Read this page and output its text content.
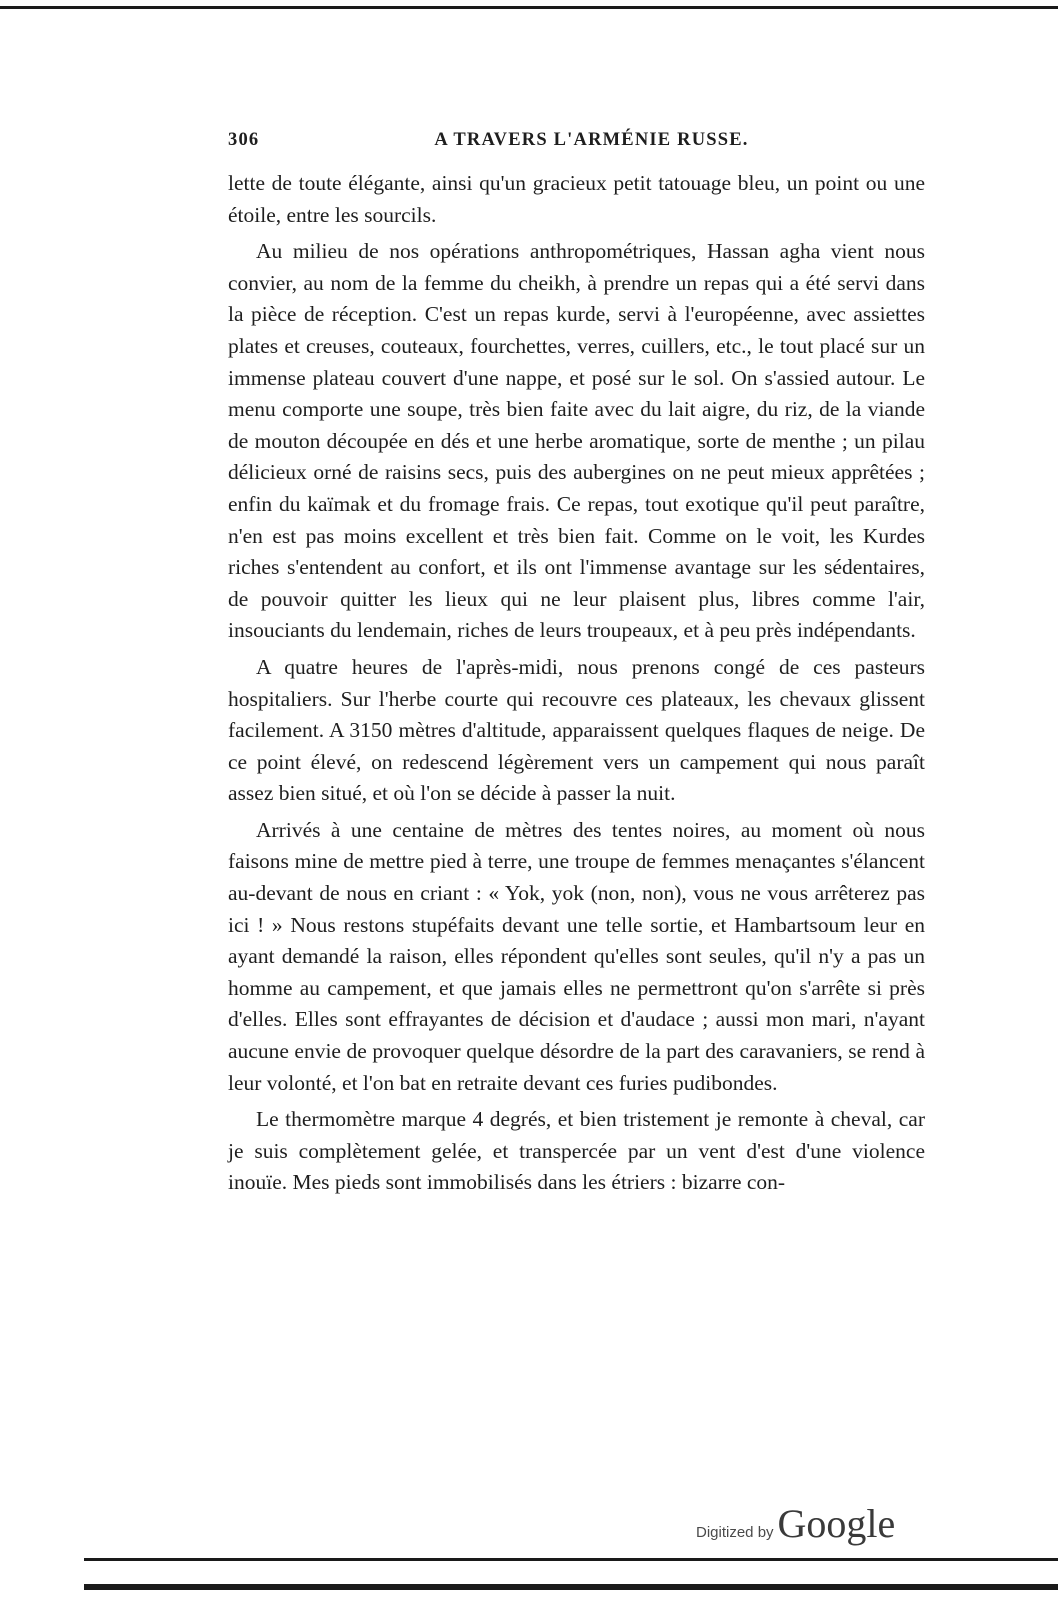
306	A TRAVERS L'ARMÉNIE RUSSE.

lette de toute élégante, ainsi qu'un gracieux petit tatouage bleu, un point ou une étoile, entre les sourcils.

Au milieu de nos opérations anthropométriques, Hassan agha vient nous convier, au nom de la femme du cheikh, à prendre un repas qui a été servi dans la pièce de réception. C'est un repas kurde, servi à l'européenne, avec assiettes plates et creuses, couteaux, fourchettes, verres, cuillers, etc., le tout placé sur un immense plateau couvert d'une nappe, et posé sur le sol. On s'assied autour. Le menu comporte une soupe, très bien faite avec du lait aigre, du riz, de la viande de mouton découpée en dés et une herbe aromatique, sorte de menthe ; un pilau délicieux orné de raisins secs, puis des aubergines on ne peut mieux apprêtées ; enfin du kaïmak et du fromage frais. Ce repas, tout exotique qu'il peut paraître, n'en est pas moins excellent et très bien fait. Comme on le voit, les Kurdes riches s'entendent au confort, et ils ont l'immense avantage sur les sédentaires, de pouvoir quitter les lieux qui ne leur plaisent plus, libres comme l'air, insouciants du lendemain, riches de leurs troupeaux, et à peu près indépendants.

A quatre heures de l'après-midi, nous prenons congé de ces pasteurs hospitaliers. Sur l'herbe courte qui recouvre ces plateaux, les chevaux glissent facilement. A 3150 mètres d'altitude, apparaissent quelques flaques de neige. De ce point élevé, on redescend légèrement vers un campement qui nous paraît assez bien situé, et où l'on se décide à passer la nuit.

Arrivés à une centaine de mètres des tentes noires, au moment où nous faisons mine de mettre pied à terre, une troupe de femmes menaçantes s'élancent au-devant de nous en criant : « Yok, yok (non, non), vous ne vous arrêterez pas ici ! » Nous restons stupéfaits devant une telle sortie, et Hambartsoum leur en ayant demandé la raison, elles répondent qu'elles sont seules, qu'il n'y a pas un homme au campement, et que jamais elles ne permettront qu'on s'arrête si près d'elles. Elles sont effrayantes de décision et d'audace ; aussi mon mari, n'ayant aucune envie de provoquer quelque désordre de la part des caravaniers, se rend à leur volonté, et l'on bat en retraite devant ces furies pudibondes.

Le thermomètre marque 4 degrés, et bien tristement je remonte à cheval, car je suis complètement gelée, et transpercée par un vent d'est d'une violence inouïe. Mes pieds sont immobilisés dans les étriers : bizarre con-

Digitized by Google
